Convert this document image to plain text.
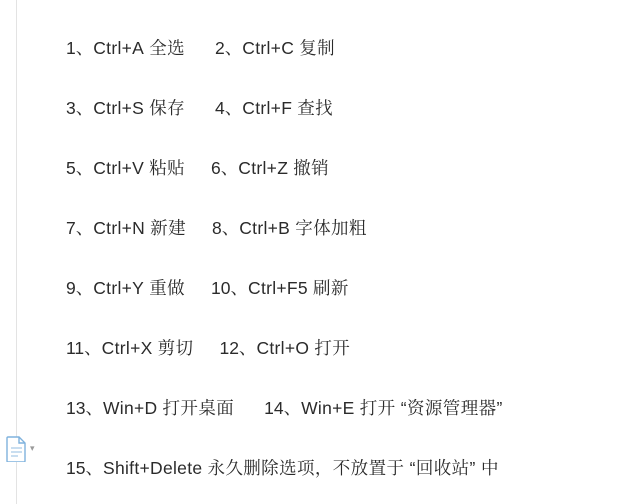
1、Ctrl+A 全选 2、Ctrl+C 复制
3、Ctrl+S 保存 4、Ctrl+F 查找
5、Ctrl+V 粘贴 6、Ctrl+Z 撤销
7、Ctrl+N 新建 8、Ctrl+B 字体加粗
9、Ctrl+Y 重做 10、Ctrl+F5 刷新
11、Ctrl+X 剪切 12、Ctrl+O 打开
13、Win+D 打开桌面 14、Win+E 打开 “资源管理器”
15、Shift+Delete 永久删除选项，不放置于 “回收站” 中
▾
